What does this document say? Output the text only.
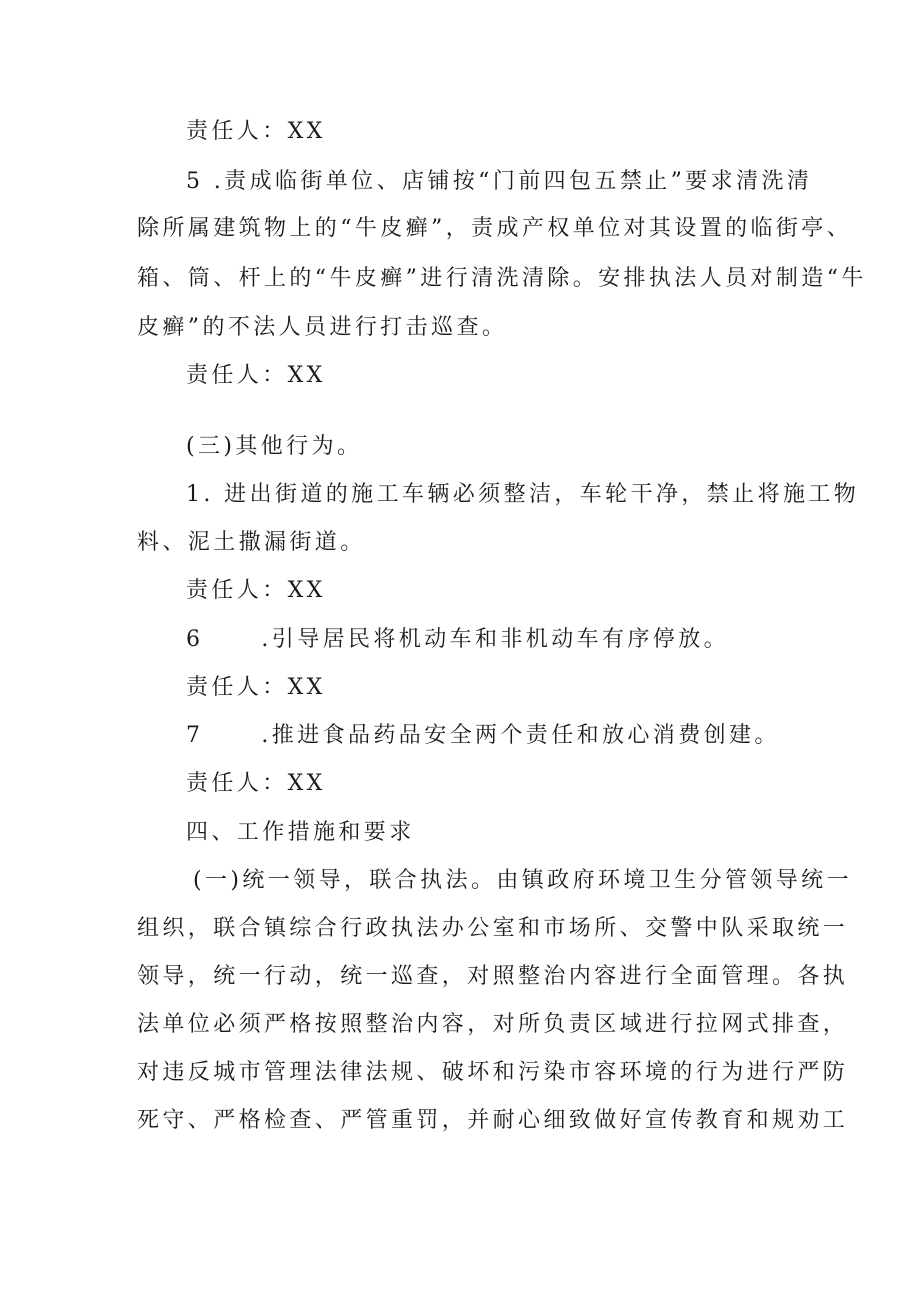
责任人：XX
5 .责成临街单位、店铺按“门前四包五禁止”要求清洗清
除所属建筑物上的“牛皮癣”，责成产权单位对其设置的临街亭、
箱、筒、杆上的“牛皮癣”进行清洗清除。安排执法人员对制造“牛
皮癣”的不法人员进行打击巡查。
责任人：XX
(三)其他行为。
1. 进出街道的施工车辆必须整洁，车轮干净，禁止将施工物
料、泥土撒漏街道。
责任人：XX
6	.引导居民将机动车和非机动车有序停放。
责任人：XX
7	.推进食品药品安全两个责任和放心消费创建。
责任人：XX
四、工作措施和要求
(一)统一领导，联合执法。由镇政府环境卫生分管领导统一
组织，联合镇综合行政执法办公室和市场所、交警中队采取统一
领导，统一行动，统一巡查，对照整治内容进行全面管理。各执
法单位必须严格按照整治内容，对所负责区域进行拉网式排查，
对违反城市管理法律法规、破坏和污染市容环境的行为进行严防
死守、严格检查、严管重罚，并耐心细致做好宣传教育和规劝工
